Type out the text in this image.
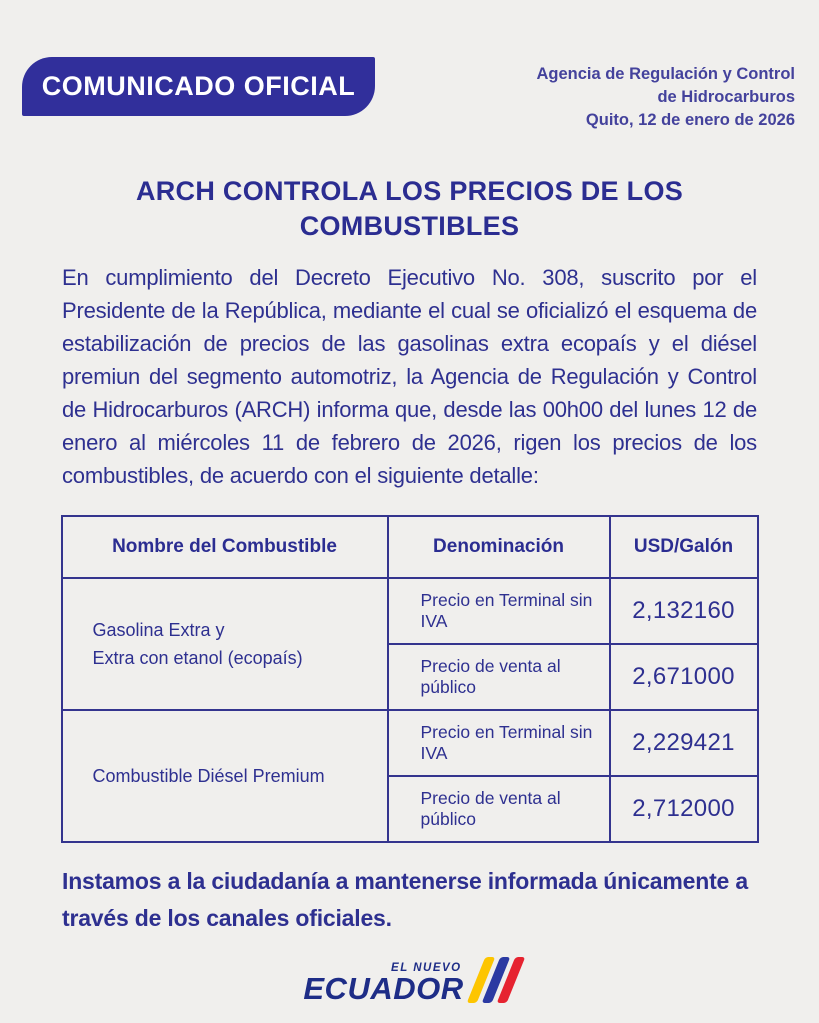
COMUNICADO OFICIAL	Agencia de Regulación y Control
de Hidrocarburos
Quito, 12 de enero de 2026
ARCH CONTROLA LOS PRECIOS DE LOS
COMBUSTIBLES

En cumplimiento del Decreto Ejecutivo No. 308, suscrito por el Presidente de la República, mediante el cual se oficializó el esquema de estabilización de precios de las gasolinas extra ecopaís y el diésel premiun del segmento automotriz, la Agencia de Regulación y Control de Hidrocarburos (ARCH) informa que, desde las 00h00 del lunes 12 de enero al miércoles 11 de febrero de 2026, rigen los precios de los combustibles, de acuerdo con el siguiente detalle:

Nombre del Combustible	Denominación	USD/Galón

Gasolina Extra y
Extra con etanol (ecopaís)	Precio en Terminal sin IVA	2,132160
	Precio de venta al público	2,671000

Combustible Diésel Premium	Precio en Terminal sin IVA	2,229421
	Precio de venta al público	2,712000

Instamos a la ciudadanía a mantenerse informada únicamente a través de los canales oficiales.

EL NUEVO
ECUADOR
